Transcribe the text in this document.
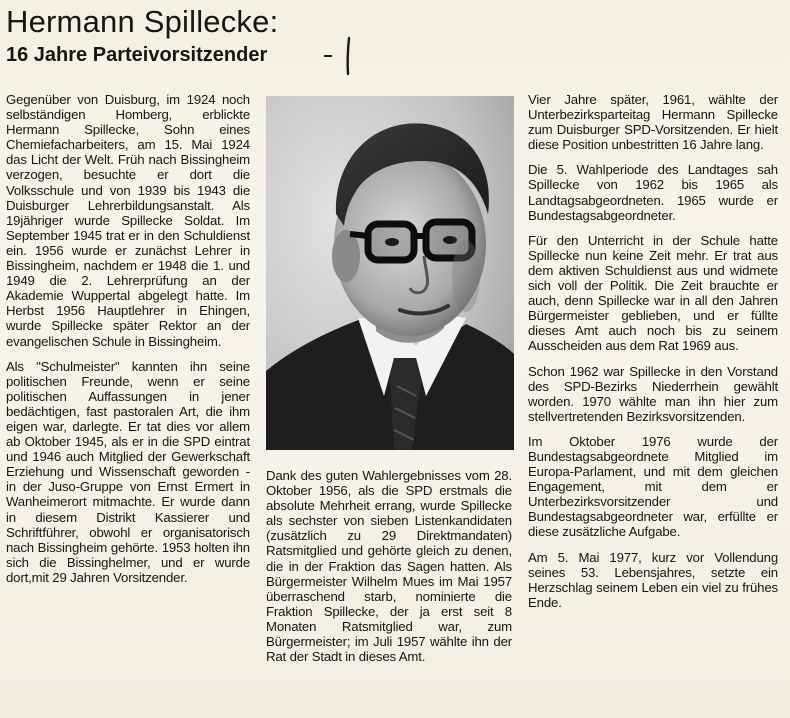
Hermann Spillecke:
16 Jahre Parteivorsitzender

Gegenüber von Duisburg, im 1924 noch selbständigen Homberg, erblickte Hermann Spillecke, Sohn eines Chemiefacharbeiters, am 15. Mai 1924 das Licht der Welt. Früh nach Bissingheim verzogen, besuchte er dort die Volksschule und von 1939 bis 1943 die Duisburger Lehrerbildungsanstalt. Als 19jähriger wurde Spillecke Soldat. Im September 1945 trat er in den Schuldienst ein. 1956 wurde er zunächst Lehrer in Bissingheim, nachdem er 1948 die 1. und 1949 die 2. Lehrerprüfung an der Akademie Wuppertal abgelegt hatte. Im Herbst 1956 Hauptlehrer in Ehingen, wurde Spillecke später Rektor an der evangelischen Schule in Bissingheim.

Als "Schulmeister" kannten ihn seine politischen Freunde, wenn er seine politischen Auffassungen in jener bedächtigen, fast pastoralen Art, die ihm eigen war, darlegte. Er tat dies vor allem ab Oktober 1945, als er in die SPD eintrat und 1946 auch Mitglied der Gewerkschaft Erziehung und Wissenschaft geworden - in der Juso-Gruppe von Ernst Ermert in Wanheimerort mitmachte. Er wurde dann in diesem Distrikt Kassierer und Schriftführer, obwohl er organisatorisch nach Bissingheim gehörte. 1953 holten ihn sich die Bissinghelmer, und er wurde dort,mit 29 Jahren Vorsitzender.

Dank des guten Wahlergebnisses vom 28. Oktober 1956, als die SPD erstmals die absolute Mehrheit errang, wurde Spillecke als sechster von sieben Listenkandidaten (zusätzlich zu 29 Direktmandaten) Ratsmitglied und gehörte gleich zu denen, die in der Fraktion das Sagen hatten. Als Bürgermeister Wilhelm Mues im Mai 1957 überraschend starb, nominierte die Fraktion Spillecke, der ja erst seit 8 Monaten Ratsmitglied war, zum Bürgermeister; im Juli 1957 wählte ihn der Rat der Stadt in dieses Amt.

Vier Jahre später, 1961, wählte der Unterbezirksparteitag Hermann Spillecke zum Duisburger SPD-Vorsitzenden. Er hielt diese Position unbestritten 16 Jahre lang.

Die 5. Wahlperiode des Landtages sah Spillecke von 1962 bis 1965 als Landtagsabgeordneten. 1965 wurde er Bundestagsabgeordneter.

Für den Unterricht in der Schule hatte Spillecke nun keine Zeit mehr. Er trat aus dem aktiven Schuldienst aus und widmete sich voll der Politik. Die Zeit brauchte er auch, denn Spillecke war in all den Jahren Bürgermeister geblieben, und er füllte dieses Amt auch noch bis zu seinem Ausscheiden aus dem Rat 1969 aus.

Schon 1962 war Spillecke in den Vorstand des SPD-Bezirks Niederrhein gewählt worden. 1970 wählte man ihn hier zum stellvertretenden Bezirksvorsitzenden.

Im Oktober 1976 wurde der Bundestagsabgeordnete Mitglied im Europa-Parlament, und mit dem gleichen Engagement, mit dem er Unterbezirksvorsitzender und Bundestagsabgeordneter war, erfüllte er diese zusätzliche Aufgabe.

Am 5. Mai 1977, kurz vor Vollendung seines 53. Lebensjahres, setzte ein Herzschlag seinem Leben ein viel zu frühes Ende.
